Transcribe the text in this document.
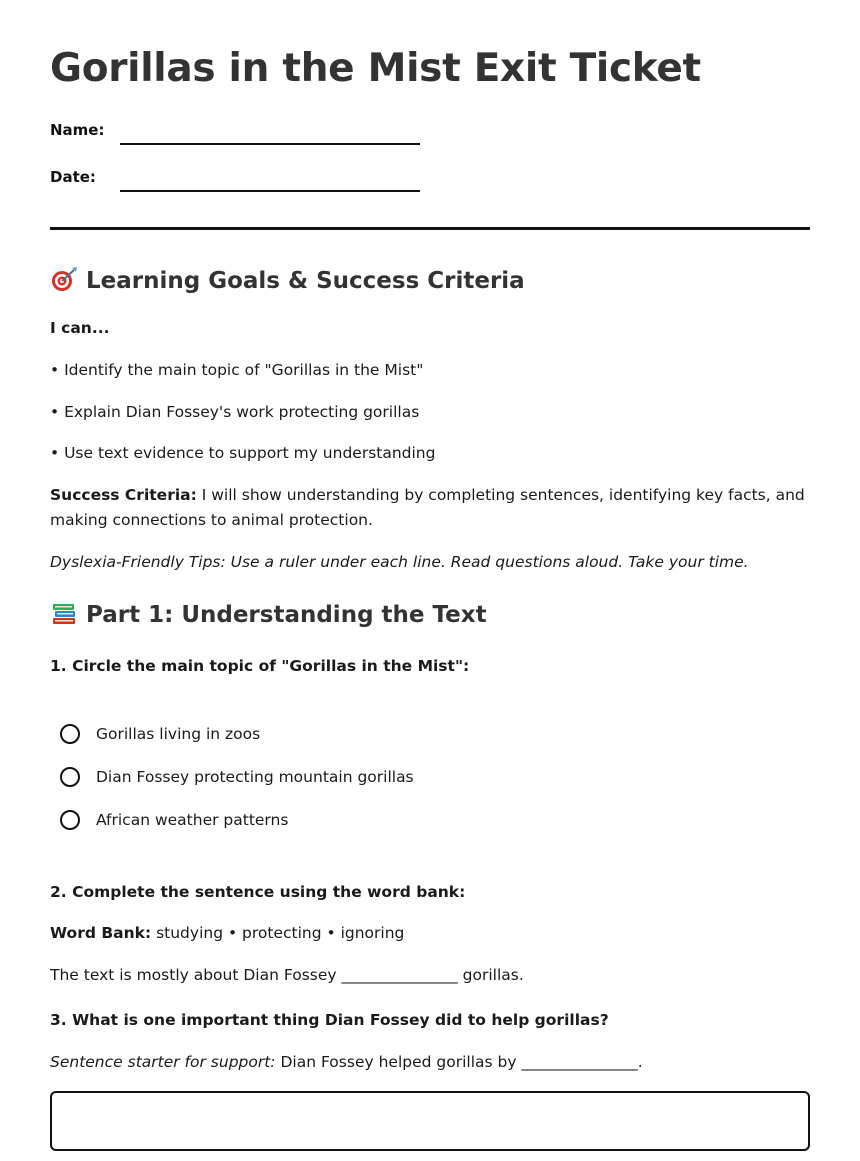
Gorillas in the Mist Exit Ticket
Name:
Date:
Learning Goals & Success Criteria
I can...
• Identify the main topic of "Gorillas in the Mist"
• Explain Dian Fossey's work protecting gorillas
• Use text evidence to support my understanding
Success Criteria: I will show understanding by completing sentences, identifying key facts, and making connections to animal protection.
Dyslexia-Friendly Tips: Use a ruler under each line. Read questions aloud. Take your time.
Part 1: Understanding the Text
1. Circle the main topic of "Gorillas in the Mist":
Gorillas living in zoos
Dian Fossey protecting mountain gorillas
African weather patterns
2. Complete the sentence using the word bank:
Word Bank: studying • protecting • ignoring
The text is mostly about Dian Fossey _______________ gorillas.
3. What is one important thing Dian Fossey did to help gorillas?
Sentence starter for support: Dian Fossey helped gorillas by _______________.
